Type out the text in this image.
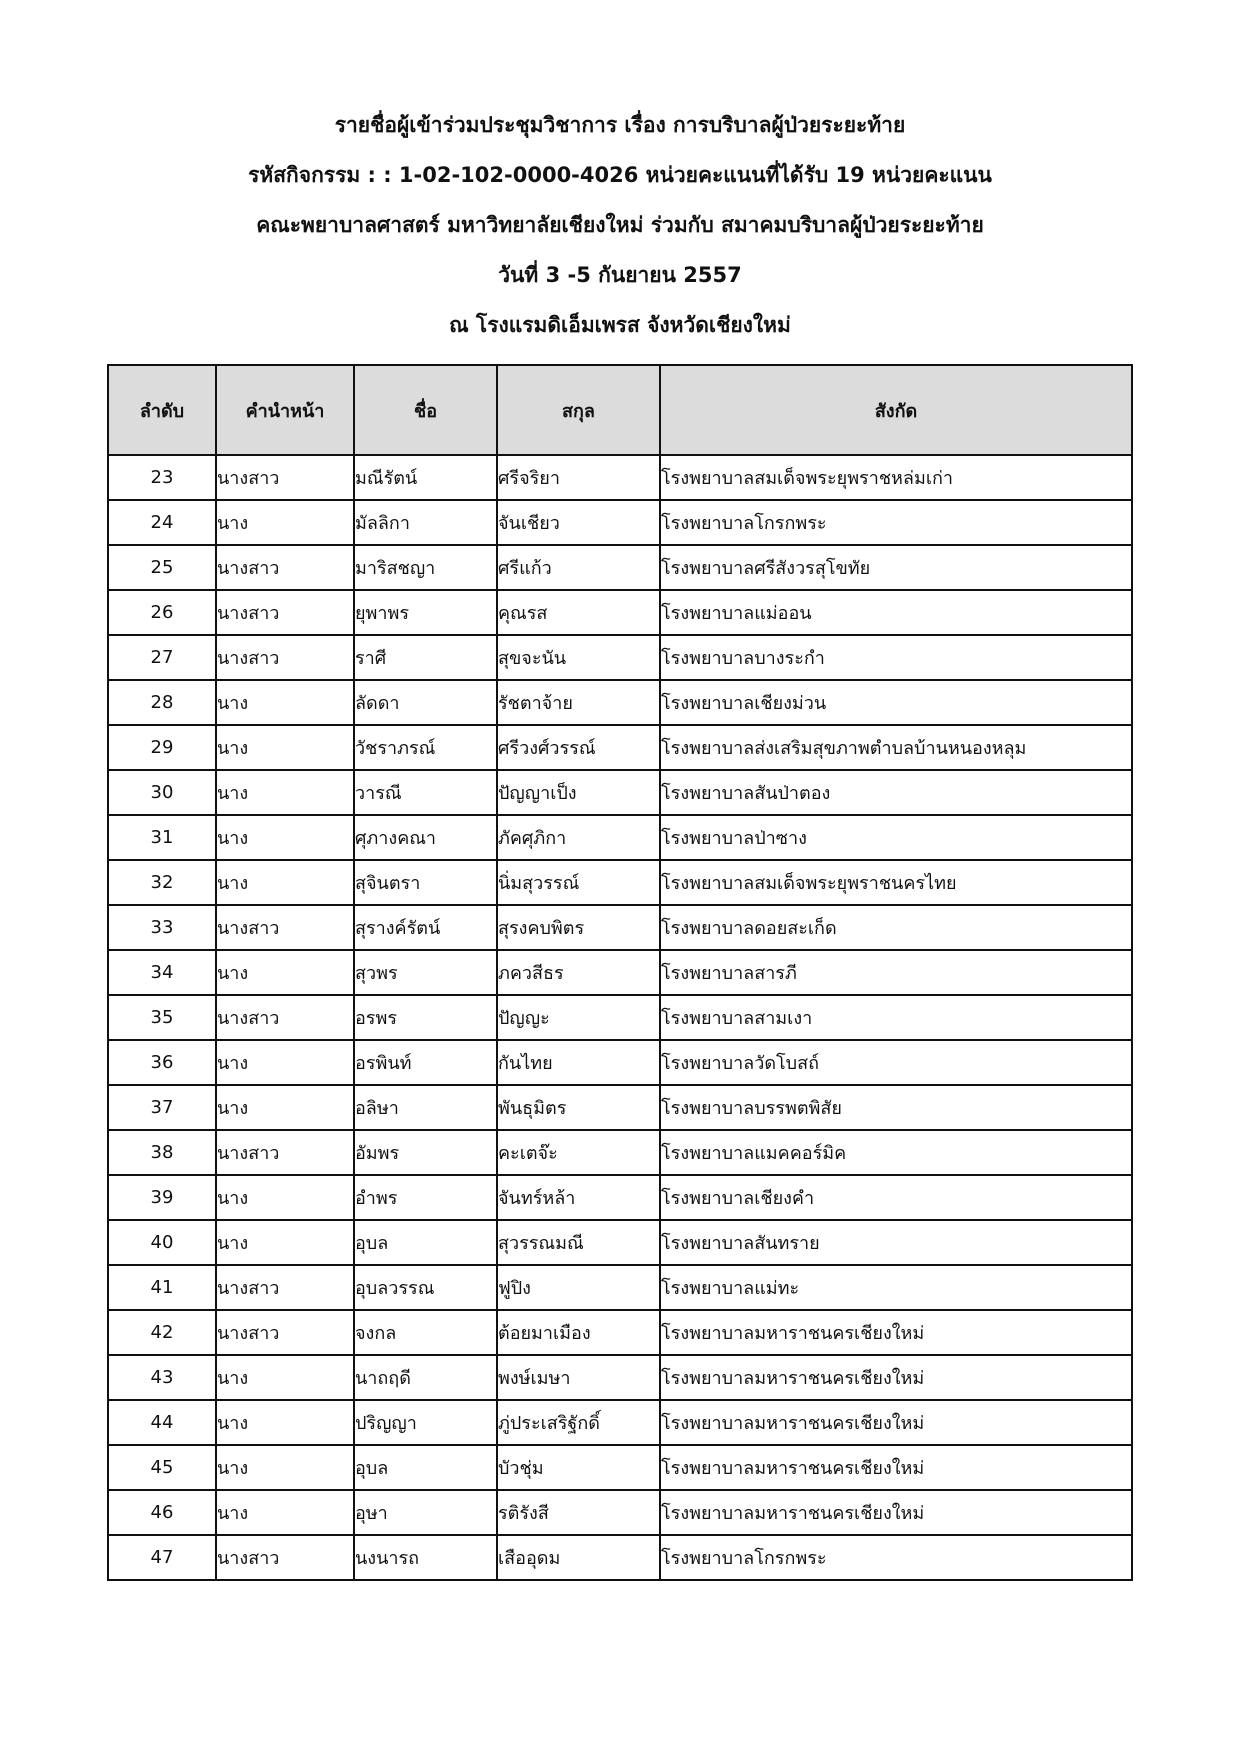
รายชื่อผู้เข้าร่วมประชุมวิชาการ เรื่อง การบริบาลผู้ป่วยระยะท้าย
รหัสกิจกรรม : : 1-02-102-0000-4026 หน่วยคะแนนที่ได้รับ 19 หน่วยคะแนน
คณะพยาบาลศาสตร์ มหาวิทยาลัยเชียงใหม่ ร่วมกับ สมาคมบริบาลผู้ป่วยระยะท้าย
วันที่ 3 -5 กันยายน 2557
ณ โรงแรมดิเอ็มเพรส จังหวัดเชียงใหม่
ลำดับ	คำนำหน้า	ชื่อ	สกุล	สังกัด
23	นางสาว	มณีรัตน์	ศรีจริยา	โรงพยาบาลสมเด็จพระยุพราชหล่มเก่า
24	นาง	มัลลิกา	จันเชียว	โรงพยาบาลโกรกพระ
25	นางสาว	มาริสชญา	ศรีแก้ว	โรงพยาบาลศรีสังวรสุโขทัย
26	นางสาว	ยุพาพร	คุณรส	โรงพยาบาลแม่ออน
27	นางสาว	ราศี	สุขจะนัน	โรงพยาบาลบางระกำ
28	นาง	ลัดดา	รัชตาจ้าย	โรงพยาบาลเชียงม่วน
29	นาง	วัชราภรณ์	ศรีวงศ์วรรณ์	โรงพยาบาลส่งเสริมสุขภาพตำบลบ้านหนองหลุม
30	นาง	วารณี	ปัญญาเป็ง	โรงพยาบาลสันป่าตอง
31	นาง	ศุภางคณา	ภัคศุภิกา	โรงพยาบาลป่าซาง
32	นาง	สุจินตรา	นิ่มสุวรรณ์	โรงพยาบาลสมเด็จพระยุพราชนครไทย
33	นางสาว	สุรางค์รัตน์	สุรงคบพิตร	โรงพยาบาลดอยสะเก็ด
34	นาง	สุวพร	ภควสีธร	โรงพยาบาลสารภี
35	นางสาว	อรพร	ปัญญะ	โรงพยาบาลสามเงา
36	นาง	อรพินท์	กันไทย	โรงพยาบาลวัดโบสถ์
37	นาง	อลิษา	พันธุมิตร	โรงพยาบาลบรรพตพิสัย
38	นางสาว	อัมพร	คะเตจ๊ะ	โรงพยาบาลแมคคอร์มิค
39	นาง	อำพร	จันทร์หล้า	โรงพยาบาลเชียงคำ
40	นาง	อุบล	สุวรรณมณี	โรงพยาบาลสันทราย
41	นางสาว	อุบลวรรณ	ฟูปิง	โรงพยาบาลแม่ทะ
42	นางสาว	จงกล	ต้อยมาเมือง	โรงพยาบาลมหาราชนครเชียงใหม่
43	นาง	นาถฤดี	พงษ์เมษา	โรงพยาบาลมหาราชนครเชียงใหม่
44	นาง	ปริญญา	ภู่ประเสริฐักดิ์	โรงพยาบาลมหาราชนครเชียงใหม่
45	นาง	อุบล	บัวชุ่ม	โรงพยาบาลมหาราชนครเชียงใหม่
46	นาง	อุษา	รติรังสี	โรงพยาบาลมหาราชนครเชียงใหม่
47	นางสาว	นงนารถ	เสืออุดม	โรงพยาบาลโกรกพระ
